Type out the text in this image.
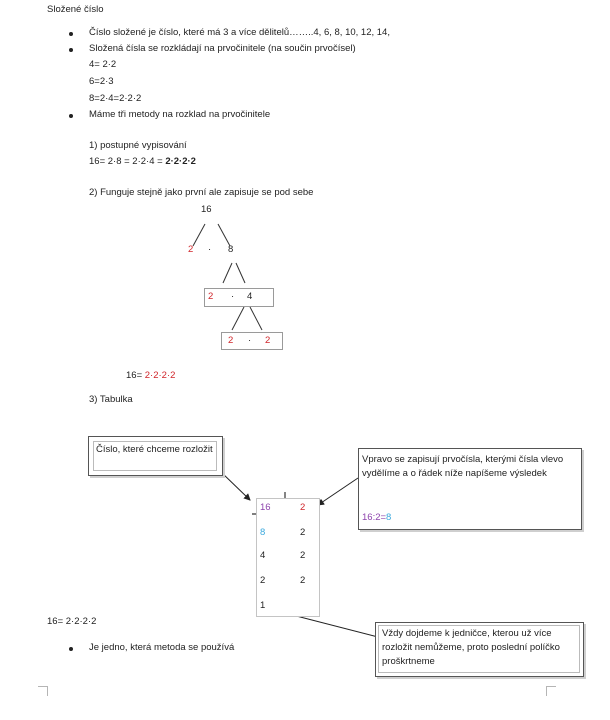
Složené číslo
Číslo složené je číslo, které má 3 a více dělitelů……..4, 6, 8, 10, 12, 14,
Složená čísla se rozkládají na prvočinitele (na součin prvočísel)
4= 2·2
6=2·3
8=2·4=2·2·2
Máme tři metody na rozklad na prvočinitele
1) postupné vypisování
16= 2·8 = 2·2·4 = 2·2·2·2
2) Funguje stejně jako první ale zapisuje se pod sebe
16
2 · 8
2 · 4
2 · 2
16= 2·2·2·2
3) Tabulka
Číslo, které chceme rozložit
Vpravo se zapisují prvočísla, kterými čísla vlevo vydělíme a o řádek níže napíšeme výsledek
16:2=8
16
8
4
2
1
2
2
2
2
Vždy dojdeme k jedničce, kterou už více rozložit nemůžeme, proto poslední políčko proškrtneme
16= 2·2·2·2
Je jedno, která metoda se používá
